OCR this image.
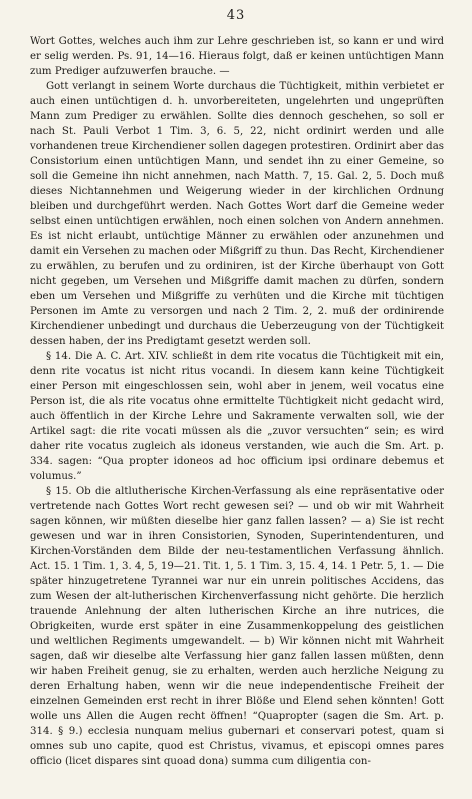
43

Wort Gottes, welches auch ihm zur Lehre geschrieben ist, so kann er und wird er selig werden. Ps. 91, 14—16. Hieraus folgt, daß er keinen untüchtigen Mann zum Prediger aufzuwerfen brauche. —

Gott verlangt in seinem Worte durchaus die Tüchtigkeit, mithin verbietet er auch einen untüchtigen d. h. unvorbereiteten, ungelehrten und ungeprüften Mann zum Prediger zu erwählen. Sollte dies dennoch geschehen, so soll er nach St. Pauli Verbot 1 Tim. 3, 6. 5, 22, nicht ordinirt werden und alle vorhandenen treue Kirchendiener sollen dagegen protestiren. Ordinirt aber das Consistorium einen untüchtigen Mann, und sendet ihn zu einer Gemeine, so soll die Gemeine ihn nicht annehmen, nach Matth. 7, 15. Gal. 2, 5. Doch muß dieses Nichtannehmen und Weigerung wieder in der kirchlichen Ordnung bleiben und durchgeführt werden. Nach Gottes Wort darf die Gemeine weder selbst einen untüchtigen erwählen, noch einen solchen von Andern annehmen. Es ist nicht erlaubt, untüchtige Männer zu erwählen oder anzunehmen und damit ein Versehen zu machen oder Mißgriff zu thun. Das Recht, Kirchendiener zu erwählen, zu berufen und zu ordiniren, ist der Kirche überhaupt von Gott nicht gegeben, um Versehen und Mißgriffe damit machen zu dürfen, sondern eben um Versehen und Mißgriffe zu verhüten und die Kirche mit tüchtigen Personen im Amte zu versorgen und nach 2 Tim. 2, 2. muß der ordinirende Kirchendiener unbedingt und durchaus die Ueberzeugung von der Tüchtigkeit dessen haben, der ins Predigtamt gesetzt werden soll.

§ 14. Die A. C. Art. XIV. schließt in dem rite vocatus die Tüchtigkeit mit ein, denn rite vocatus ist nicht ritus vocandi. In diesem kann keine Tüchtigkeit einer Person mit eingeschlossen sein, wohl aber in jenem, weil vocatus eine Person ist, die als rite vocatus ohne ermittelte Tüchtigkeit nicht gedacht wird, auch öffentlich in der Kirche Lehre und Sakramente verwalten soll, wie der Artikel sagt: die rite vocati müssen als die „zuvor versuchten“ sein; es wird daher rite vocatus zugleich als idoneus verstanden, wie auch die Sm. Art. p. 334. sagen: “Qua propter idoneos ad hoc officium ipsi ordinare debemus et volumus.”

§ 15. Ob die altlutherische Kirchen-Verfassung als eine repräsentative oder vertretende nach Gottes Wort recht gewesen sei? — und ob wir mit Wahrheit sagen können, wir müßten dieselbe hier ganz fallen lassen? — a) Sie ist recht gewesen und war in ihren Consistorien, Synoden, Superintendenturen, und Kirchen-Vorständen dem Bilde der neu-testamentlichen Verfassung ähnlich. Act. 15. 1 Tim. 1, 3. 4, 5, 19—21. Tit. 1, 5. 1 Tim. 3, 15. 4, 14. 1 Petr. 5, 1. — Die später hinzugetretene Tyrannei war nur ein unrein politisches Accidens, das zum Wesen der alt-lutherischen Kirchenverfassung nicht gehörte. Die herzlich trauende Anlehnung der alten lutherischen Kirche an ihre nutrices, die Obrigkeiten, wurde erst später in eine Zusammenkoppelung des geistlichen und weltlichen Regiments umgewandelt. — b) Wir können nicht mit Wahrheit sagen, daß wir dieselbe alte Verfassung hier ganz fallen lassen müßten, denn wir haben Freiheit genug, sie zu erhalten, werden auch herzliche Neigung zu deren Erhaltung haben, wenn wir die neue independentische Freiheit der einzelnen Gemeinden erst recht in ihrer Blöße und Elend sehen könnten! Gott wolle uns Allen die Augen recht öffnen! “Quapropter (sagen die Sm. Art. p. 314. § 9.) ecclesia nunquam melius gubernari et conservari potest, quam si omnes sub uno capite, quod est Christus, vivamus, et episcopi omnes pares officio (licet dispares sint quoad dona) summa cum diligentia con-
